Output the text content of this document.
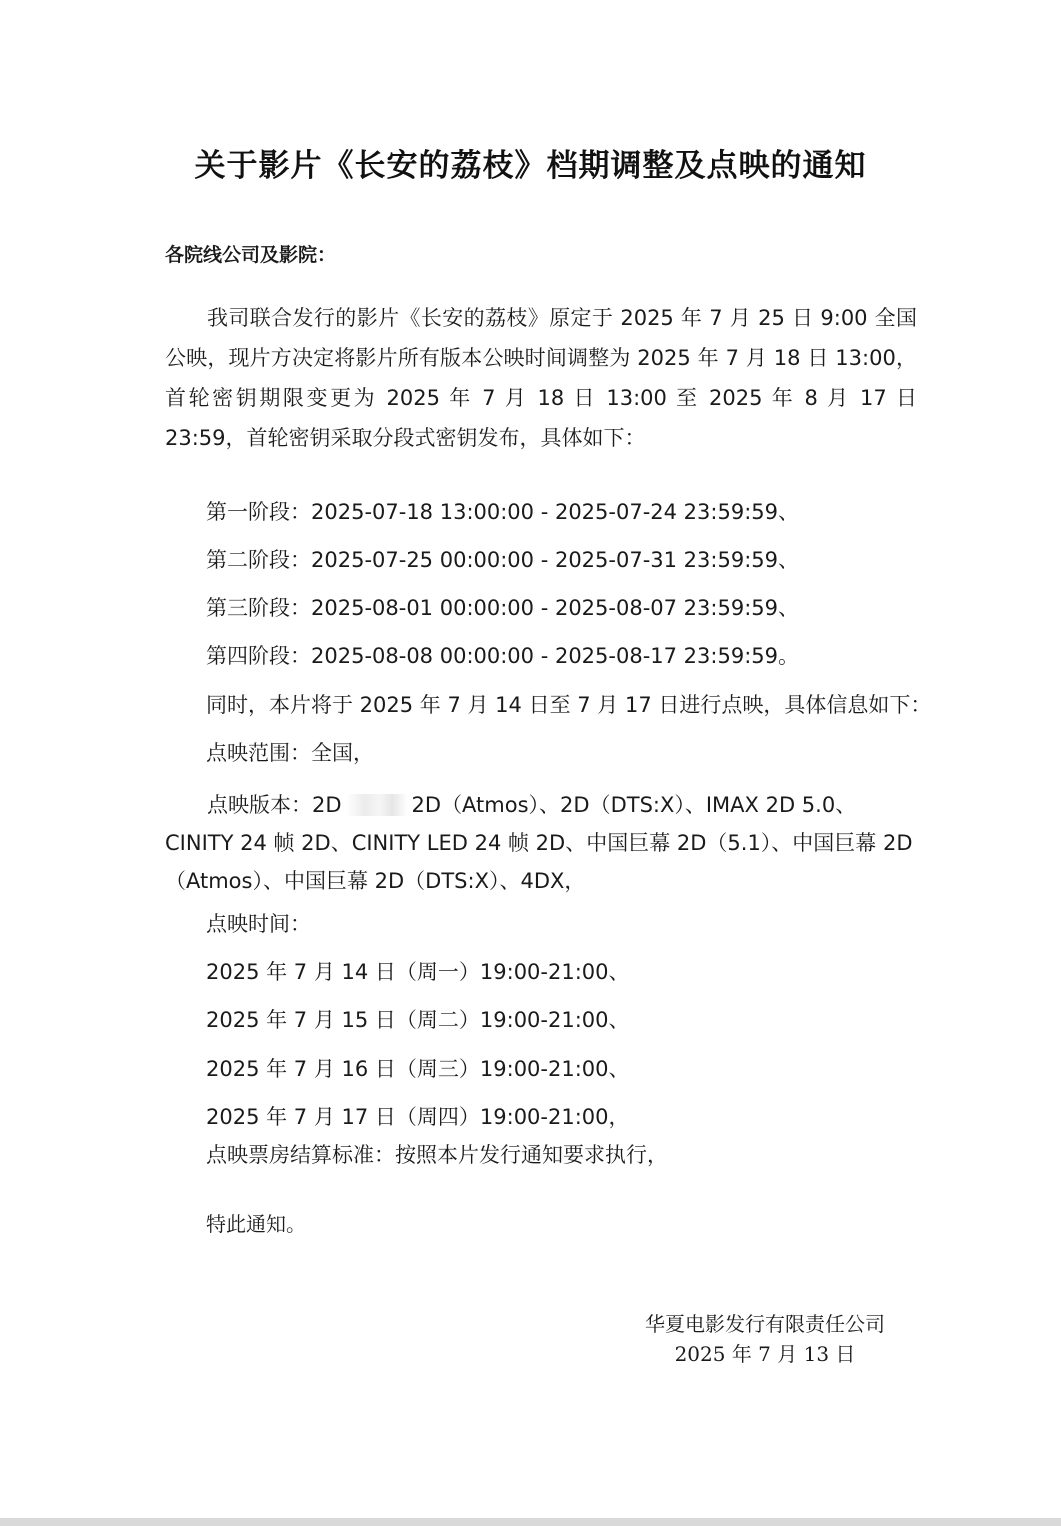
关于影片《长安的荔枝》档期调整及点映的通知
各院线公司及影院：
我司联合发行的影片《长安的荔枝》原定于 2025 年 7 月 25 日 9:00 全国公映，现片方决定将影片所有版本公映时间调整为 2025 年 7 月 18 日 13:00，首轮密钥期限变更为 2025 年 7 月 18 日 13:00 至 2025 年 8 月 17 日 23:59，首轮密钥采取分段式密钥发布，具体如下：
第一阶段：2025-07-18 13:00:00 - 2025-07-24 23:59:59、
第二阶段：2025-07-25 00:00:00 - 2025-07-31 23:59:59、
第三阶段：2025-08-01 00:00:00 - 2025-08-07 23:59:59、
第四阶段：2025-08-08 00:00:00 - 2025-08-17 23:59:59。
同时，本片将于 2025 年 7 月 14 日至 7 月 17 日进行点映，具体信息如下：
点映范围：全国，
点映版本：2D	2D（Atmos）、2D（DTS:X）、IMAX 2D 5.0、CINITY 24 帧 2D、CINITY LED 24 帧 2D、中国巨幕 2D（5.1）、中国巨幕 2D（Atmos）、中国巨幕 2D（DTS:X）、4DX，
点映时间：
2025 年 7 月 14 日（周一）19:00-21:00、
2025 年 7 月 15 日（周二）19:00-21:00、
2025 年 7 月 16 日（周三）19:00-21:00、
2025 年 7 月 17 日（周四）19:00-21:00，
点映票房结算标准：按照本片发行通知要求执行，
特此通知。
华夏电影发行有限责任公司
2025 年 7 月 13 日
